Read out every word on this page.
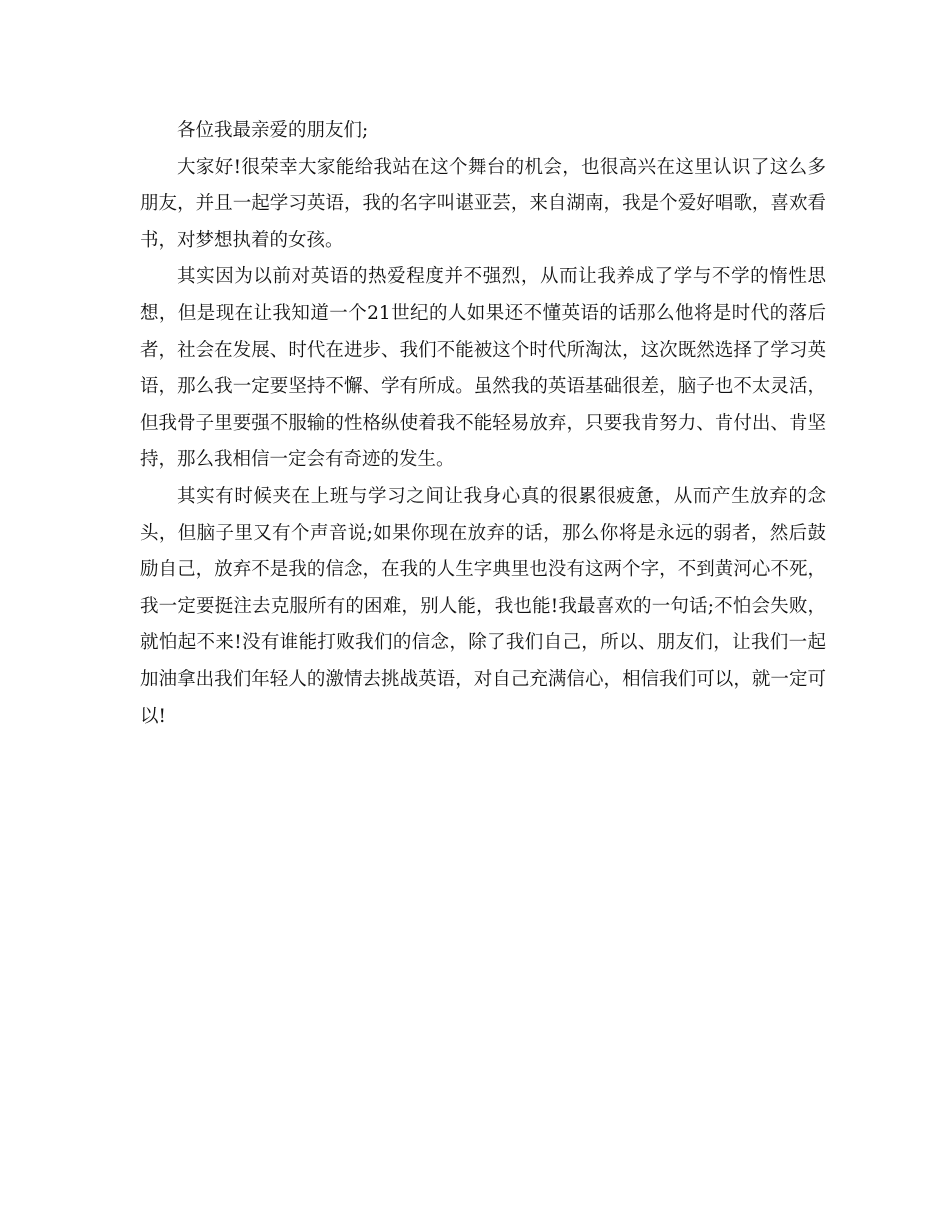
各位我最亲爱的朋友们;

大家好!很荣幸大家能给我站在这个舞台的机会，也很高兴在这里认识了这么多朋友，并且一起学习英语，我的名字叫谌亚芸，来自湖南，我是个爱好唱歌，喜欢看书，对梦想执着的女孩。

其实因为以前对英语的热爱程度并不强烈，从而让我养成了学与不学的惰性思想，但是现在让我知道一个21世纪的人如果还不懂英语的话那么他将是时代的落后者，社会在发展、时代在进步、我们不能被这个时代所淘汰，这次既然选择了学习英语，那么我一定要坚持不懈、学有所成。虽然我的英语基础很差，脑子也不太灵活，但我骨子里要强不服输的性格纵使着我不能轻易放弃，只要我肯努力、肯付出、肯坚持，那么我相信一定会有奇迹的发生。

其实有时候夹在上班与学习之间让我身心真的很累很疲惫，从而产生放弃的念头，但脑子里又有个声音说;如果你现在放弃的话，那么你将是永远的弱者，然后鼓励自己，放弃不是我的信念，在我的人生字典里也没有这两个字，不到黄河心不死，我一定要挺注去克服所有的困难，别人能，我也能!我最喜欢的一句话;不怕会失败，就怕起不来!没有谁能打败我们的信念，除了我们自己，所以、朋友们，让我们一起加油拿出我们年轻人的激情去挑战英语，对自己充满信心，相信我们可以，就一定可以!
